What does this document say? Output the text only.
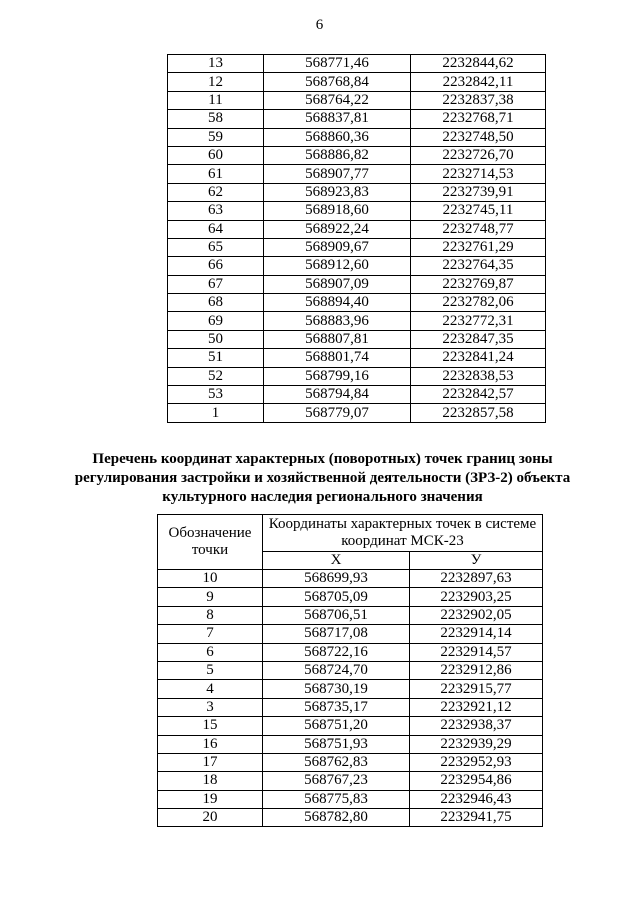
6
13	568771,46	2232844,62
12	568768,84	2232842,11
11	568764,22	2232837,38
58	568837,81	2232768,71
59	568860,36	2232748,50
60	568886,82	2232726,70
61	568907,77	2232714,53
62	568923,83	2232739,91
63	568918,60	2232745,11
64	568922,24	2232748,77
65	568909,67	2232761,29
66	568912,60	2232764,35
67	568907,09	2232769,87
68	568894,40	2232782,06
69	568883,96	2232772,31
50	568807,81	2232847,35
51	568801,74	2232841,24
52	568799,16	2232838,53
53	568794,84	2232842,57
1	568779,07	2232857,58
Перечень координат характерных (поворотных) точек границ зоны
регулирования застройки и хозяйственной деятельности (ЗРЗ-2) объекта
культурного наследия регионального значения
Обозначение точки	Координаты характерных точек в системе координат МСК-23	
	X	У
10	568699,93	2232897,63
9	568705,09	2232903,25
8	568706,51	2232902,05
7	568717,08	2232914,14
6	568722,16	2232914,57
5	568724,70	2232912,86
4	568730,19	2232915,77
3	568735,17	2232921,12
15	568751,20	2232938,37
16	568751,93	2232939,29
17	568762,83	2232952,93
18	568767,23	2232954,86
19	568775,83	2232946,43
20	568782,80	2232941,75
